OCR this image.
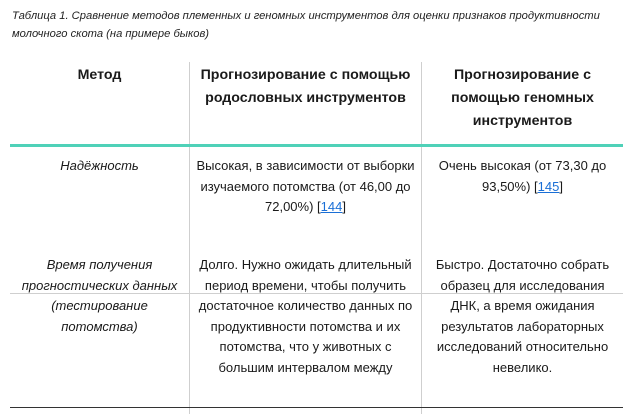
Таблица 1. Сравнение методов племенных и геномных инструментов для оценки признаков продуктивности молочного скота (на примере быков)
Метод	Прогнозирование с помощью родословных инструментов
Прогнозирование с помощью геномных инструментов
Надёжность	Высокая, в зависимости от выборки изучаемого потомства (от 46,00 до 72,00%) [144]
Очень высокая (от 73,30 до 93,50%) [145]
Время получения прогностических данных (тестирование потомства)
Долго. Нужно ожидать длительный период времени, чтобы получить достаточное количество данных по продуктивности потомства и их потомства, что у животных с большим интервалом между
Быстро. Достаточно собрать образец для исследования ДНК, а время ожидания результатов лабораторных исследований относительно невелико.
